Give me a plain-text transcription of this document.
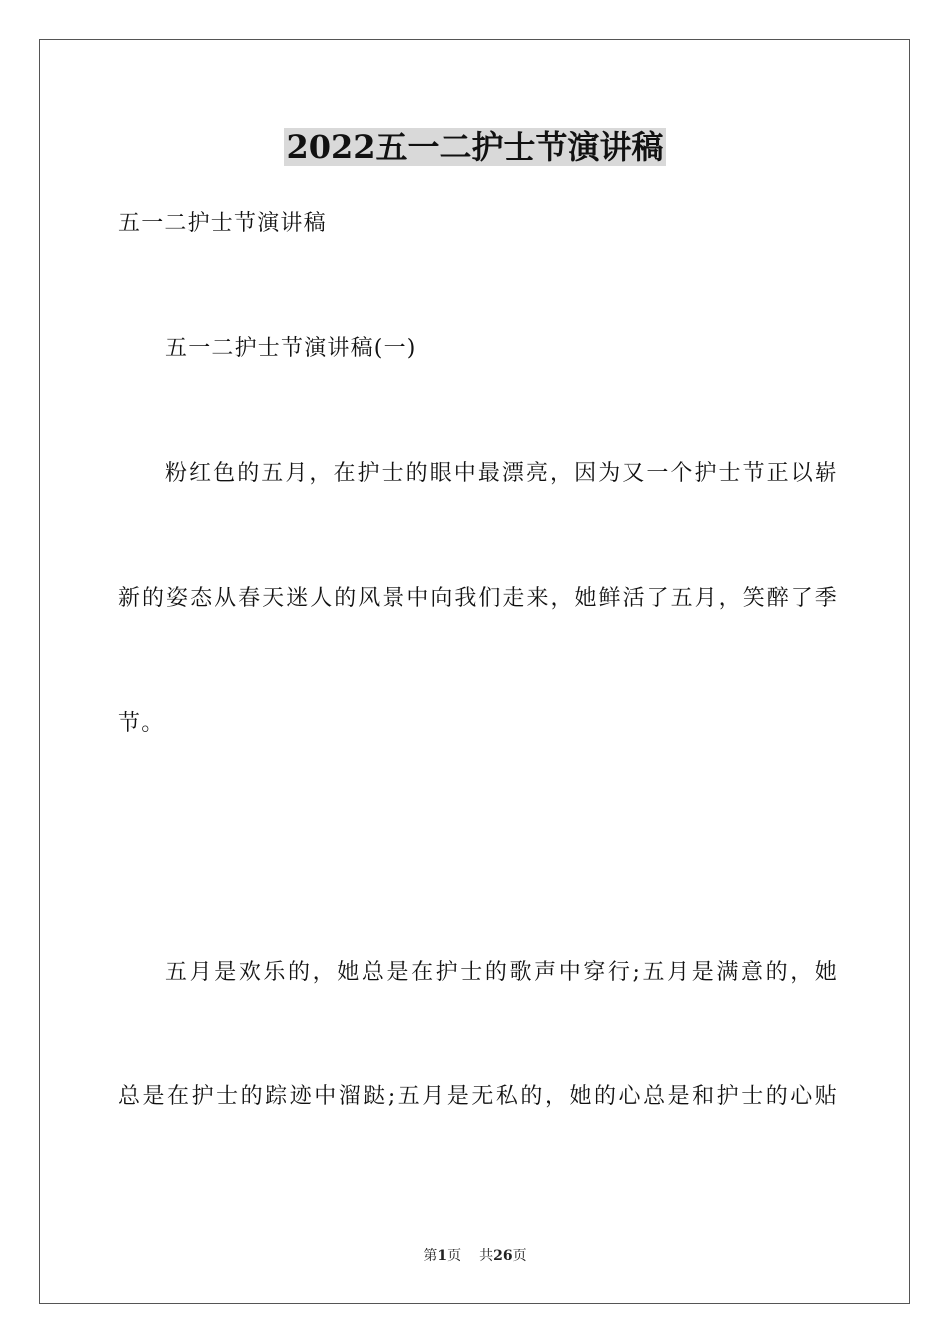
2022五一二护士节演讲稿
五一二护士节演讲稿
五一二护士节演讲稿(一)
粉红色的五月，在护士的眼中最漂亮，因为又一个护士节正以崭
新的姿态从春天迷人的风景中向我们走来，她鲜活了五月，笑醉了季
节。
五月是欢乐的，她总是在护士的歌声中穿行;五月是满意的，她
总是在护士的踪迹中溜跶;五月是无私的，她的心总是和护士的心贴
第1页 共26页
